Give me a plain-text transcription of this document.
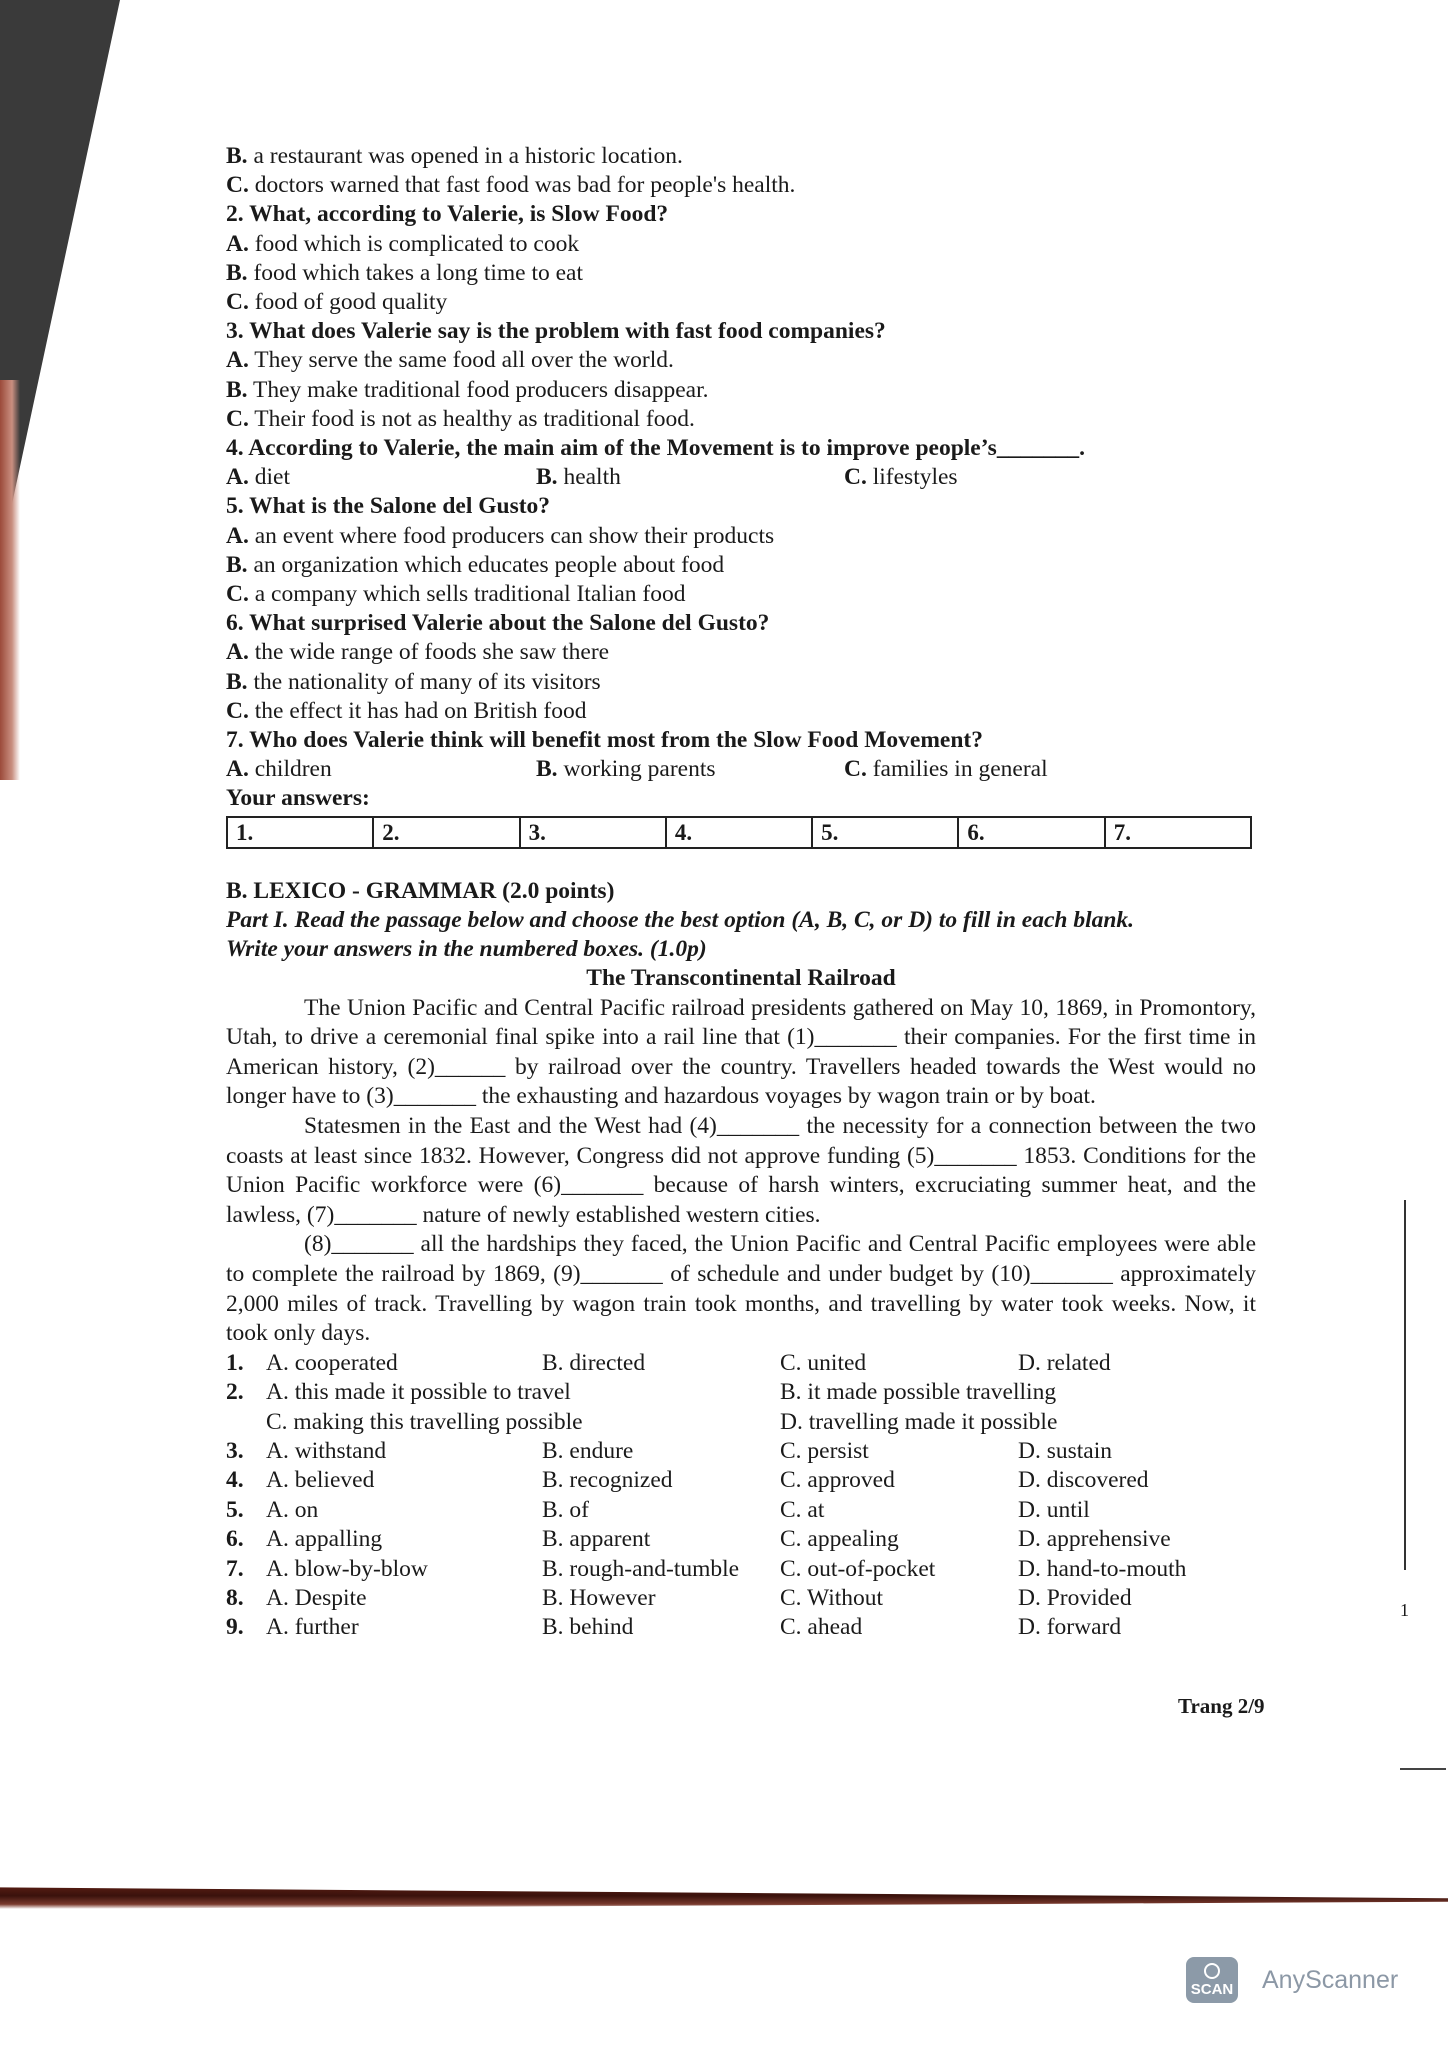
1
B. a restaurant was opened in a historic location.
C. doctors warned that fast food was bad for people's health.
2. What, according to Valerie, is Slow Food?
A. food which is complicated to cook
B. food which takes a long time to eat
C. food of good quality
3. What does Valerie say is the problem with fast food companies?
A. They serve the same food all over the world.
B. They make traditional food producers disappear.
C. Their food is not as healthy as traditional food.
4. According to Valerie, the main aim of the Movement is to improve people’s_______.
A. diet	B. health	C. lifestyles
5. What is the Salone del Gusto?
A. an event where food producers can show their products
B. an organization which educates people about food
C. a company which sells traditional Italian food
6. What surprised Valerie about the Salone del Gusto?
A. the wide range of foods she saw there
B. the nationality of many of its visitors
C. the effect it has had on British food
7. Who does Valerie think will benefit most from the Slow Food Movement?
A. children	B. working parents	C. families in general
Your answers:
1.	2.	3.	4.	5.	6.	7.
B. LEXICO - GRAMMAR (2.0 points)
Part I. Read the passage below and choose the best option (A, B, C, or D) to fill in each blank.
Write your answers in the numbered boxes. (1.0p)
The Transcontinental Railroad
The Union Pacific and Central Pacific railroad presidents gathered on May 10, 1869, in Promontory, Utah, to drive a ceremonial final spike into a rail line that (1)_______ their companies. For the first time in American history, (2)______ by railroad over the country. Travellers headed towards the West would no longer have to (3)_______ the exhausting and hazardous voyages by wagon train or by boat.
Statesmen in the East and the West had (4)_______ the necessity for a connection between the two coasts at least since 1832. However, Congress did not approve funding (5)_______ 1853. Conditions for the Union Pacific workforce were (6)_______ because of harsh winters, excruciating summer heat, and the lawless, (7)_______ nature of newly established western cities.
(8)_______ all the hardships they faced, the Union Pacific and Central Pacific employees were able to complete the railroad by 1869, (9)_______ of schedule and under budget by (10)_______ approximately 2,000 miles of track. Travelling by wagon train took months, and travelling by water took weeks. Now, it took only days.
1. A. cooperated	B. directed	C. united	D. related
2. A. this made it possible to travel	B. it made possible travelling
C. making this travelling possible	D. travelling made it possible
3. A. withstand	B. endure	C. persist	D. sustain
4. A. believed	B. recognized	C. approved	D. discovered
5. A. on	B. of	C. at	D. until
6. A. appalling	B. apparent	C. appealing	D. apprehensive
7. A. blow-by-blow	B. rough-and-tumble	C. out-of-pocket	D. hand-to-mouth
8. A. Despite	B. However	C. Without	D. Provided
9. A. further	B. behind	C. ahead	D. forward
Trang 2/9
SCAN AnyScanner
